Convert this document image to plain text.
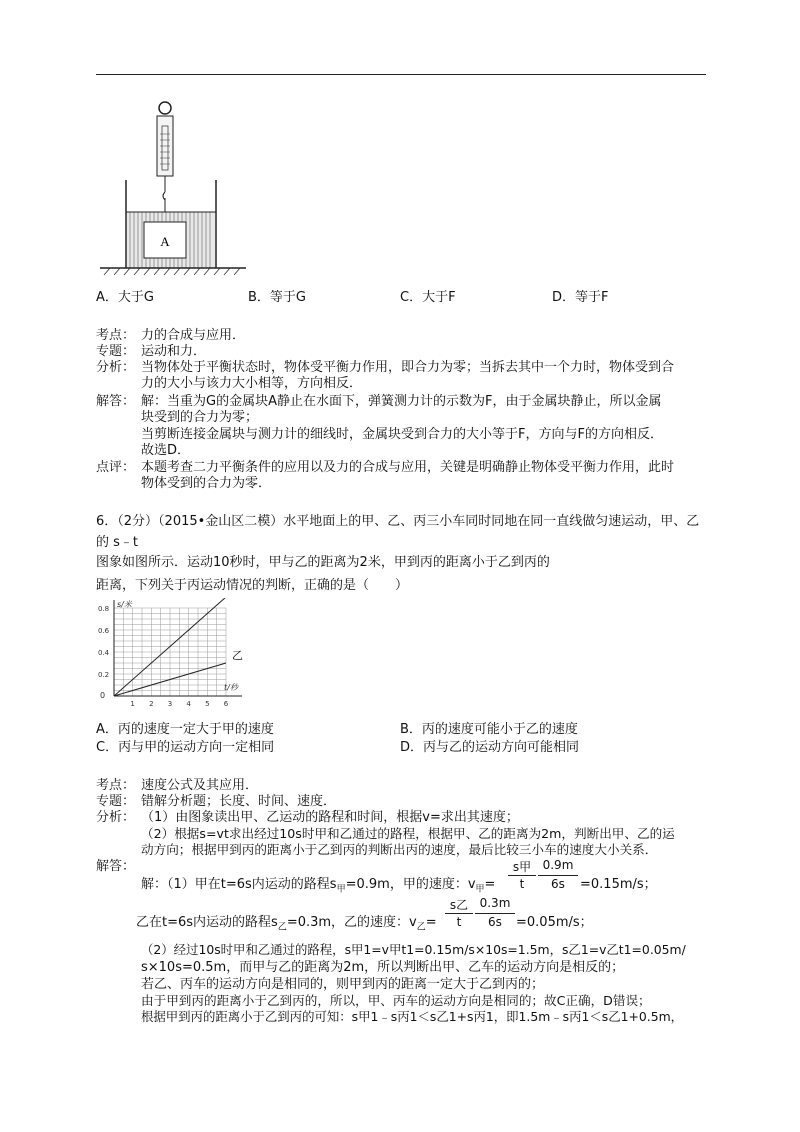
A
A．大于G	B．等于G	C．大于F	D．等于F
考点： 力的合成与应用．
专题： 运动和力．
分析： 当物体处于平衡状态时，物体受平衡力作用，即合力为零；当拆去其中一个力时，物体受到合
力的大小与该力大小相等，方向相反．
解答： 解：当重为G的金属块A静止在水面下，弹簧测力计的示数为F，由于金属块静止，所以金属
块受到的合力为零；
当剪断连接金属块与测力计的细线时，金属块受到合力的大小等于F，方向与F的方向相反．
故选D．
点评： 本题考查二力平衡条件的应用以及力的合成与应用，关键是明确静止物体受平衡力作用，此时
物体受到的合力为零．
6．（2分）（2015•金山区二模）水平地面上的甲、乙、丙三小车同时同地在同一直线做匀速运动，甲、乙
的 s﹣t
图象如图所示．运动10秒时，甲与乙的距离为2米，甲到丙的距离小于乙到丙的
距离，下列关于丙运动情况的判断，正确的是（　　）
乙
1 2 3 4 5 6
0.8
0.6
0.4
0.2
s/米
t/秒
0
A．丙的速度一定大于甲的速度	B．丙的速度可能小于乙的速度
C．丙与甲的运动方向一定相同	D．丙与乙的运动方向可能相同
考点： 速度公式及其应用．
专题： 错解分析题；长度、时间、速度．
分析： （1）由图象读出甲、乙运动的路程和时间，根据v=求出其速度；
（2）根据s=vt求出经过10s时甲和乙通过的路程，根据甲、乙的距离为2m，判断出甲、乙的运
动方向；根据甲到丙的距离小于乙到丙的判断出丙的速度，最后比较三小车的速度大小关系．
解答：
解：（1）甲在t=6s内运动的路程$s_甲=0.9m$，甲的速度：$v_甲=$
s甲
t
0.9m
6s	=0.15m/s；
乙在t=6s内运动的路程$s_乙=0.3m$，乙的速度：$v_乙=$
s乙
t
0.3m
6s	=0.05m/s；
（2）经过10s时甲和乙通过的路程，s甲1=v甲t1=0.15m/s×10s=1.5m，s乙1=v乙t1=0.05m/
s×10s=0.5m，而甲与乙的距离为2m，所以判断出甲、乙车的运动方向是相反的；
若乙、丙车的运动方向是相同的，则甲到丙的距离一定大于乙到丙的；
由于甲到丙的距离小于乙到丙的，所以，甲、丙车的运动方向是相同的；故C正确，D错误；
根据甲到丙的距离小于乙到丙的可知：s甲1﹣s丙1＜s乙1+s丙1，即1.5m﹣s丙1＜s乙1+0.5m，
